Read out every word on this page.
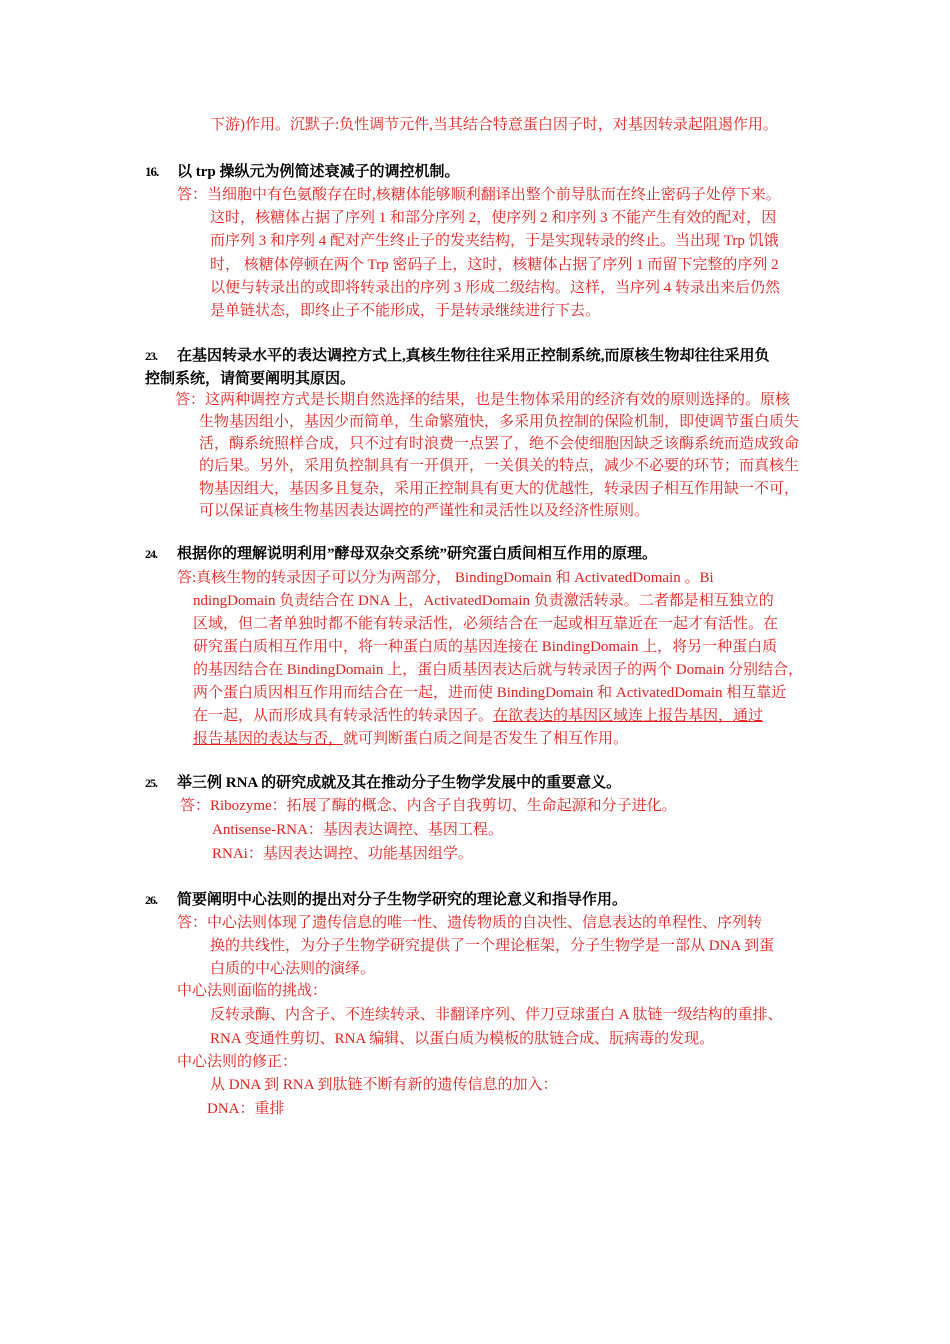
下游)作用。沉默子:负性调节元件,当其结合特意蛋白因子时，对基因转录起阻遏作用。
16. 以 trp 操纵元为例简述衰减子的调控机制。
答：当细胞中有色氨酸存在时,核糖体能够顺利翻译出整个前导肽而在终止密码子处停下来。
这时，核糖体占据了序列 1 和部分序列 2，使序列 2 和序列 3 不能产生有效的配对，因
而序列 3 和序列 4 配对产生终止子的发夹结构，于是实现转录的终止。当出现 Trp 饥饿
时， 核糖体停顿在两个 Trp 密码子上，这时，核糖体占据了序列 1 而留下完整的序列 2
以便与转录出的或即将转录出的序列 3 形成二级结构。这样，当序列 4 转录出来后仍然
是单链状态，即终止子不能形成，于是转录继续进行下去。
23. 在基因转录水平的表达调控方式上,真核生物往往采用正控制系统,而原核生物却往往采用负
控制系统，请简要阐明其原因。
答：这两种调控方式是长期自然选择的结果，也是生物体采用的经济有效的原则选择的。原核
生物基因组小，基因少而简单，生命繁殖快，多采用负控制的保险机制，即使调节蛋白质失
活，酶系统照样合成，只不过有时浪费一点罢了，绝不会使细胞因缺乏该酶系统而造成致命
的后果。另外，采用负控制具有一开俱开，一关俱关的特点，减少不必要的环节；而真核生
物基因组大，基因多且复杂，采用正控制具有更大的优越性，转录因子相互作用缺一不可，
可以保证真核生物基因表达调控的严谨性和灵活性以及经济性原则。
24. 根据你的理解说明利用”酵母双杂交系统”研究蛋白质间相互作用的原理。
答:真核生物的转录因子可以分为两部分， BindingDomain 和 ActivatedDomain 。Bi
ndingDomain 负责结合在 DNA 上，ActivatedDomain 负责激活转录。二者都是相互独立的
区域，但二者单独时都不能有转录活性，必须结合在一起或相互靠近在一起才有活性。在
研究蛋白质相互作用中，将一种蛋白质的基因连接在 BindingDomain 上，将另一种蛋白质
的基因结合在 BindingDomain 上，蛋白质基因表达后就与转录因子的两个 Domain 分别结合，
两个蛋白质因相互作用而结合在一起，进而使 BindingDomain 和 ActivatedDomain 相互靠近
在一起，从而形成具有转录活性的转录因子。在欲表达的基因区域连上报告基因，通过
报告基因的表达与否，就可判断蛋白质之间是否发生了相互作用。
25. 举三例 RNA 的研究成就及其在推动分子生物学发展中的重要意义。
答：Ribozyme：拓展了酶的概念、内含子自我剪切、生命起源和分子进化。
Antisense-RNA：基因表达调控、基因工程。
RNAi：基因表达调控、功能基因组学。
26. 简要阐明中心法则的提出对分子生物学研究的理论意义和指导作用。
答：中心法则体现了遗传信息的唯一性、遗传物质的自决性、信息表达的单程性、序列转
换的共线性，为分子生物学研究提供了一个理论框架，分子生物学是一部从 DNA 到蛋
白质的中心法则的演绎。
中心法则面临的挑战：
反转录酶、内含子、不连续转录、非翻译序列、伴刀豆球蛋白 A 肽链一级结构的重排、
RNA 变通性剪切、RNA 编辑、以蛋白质为模板的肽链合成、朊病毒的发现。
中心法则的修正：
从 DNA 到 RNA 到肽链不断有新的遗传信息的加入：
DNA：重排
